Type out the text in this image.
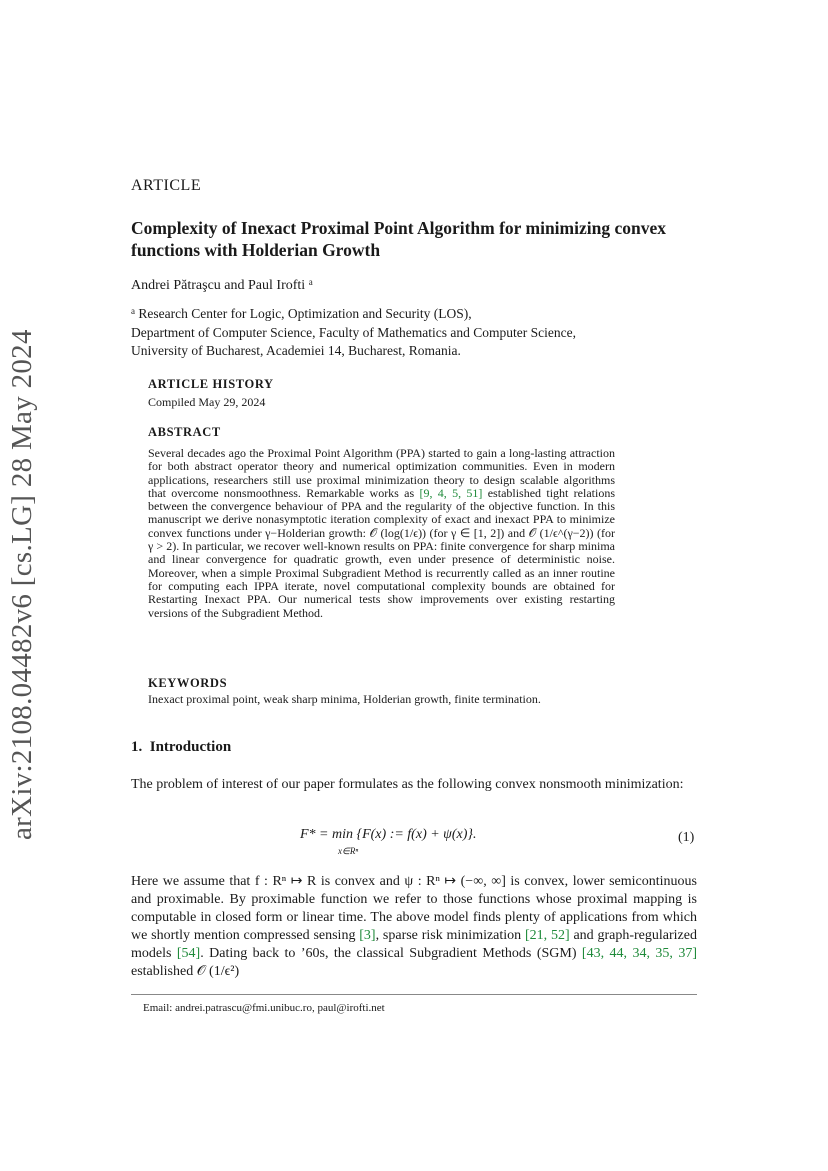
arXiv:2108.04482v6 [cs.LG] 28 May 2024
ARTICLE
Complexity of Inexact Proximal Point Algorithm for minimizing convex functions with Holderian Growth
Andrei Pătraşcu and Paul Irofti $^a$

$^a$ Research Center for Logic, Optimization and Security (LOS),

Department of Computer Science, Faculty of Mathematics and Computer Science,

University of Bucharest, Academiei 14, Bucharest, Romania.

ARTICLE HISTORY
Compiled May 29, 2024
ABSTRACT

Several decades ago the Proximal Point Algorithm (PPA) started to gain a long-lasting attraction for both abstract operator theory and numerical optimization communities. Even in modern applications, researchers still use proximal minimization theory to design scalable algorithms that overcome nonsmoothness. Remarkable works as [9, 4, 5, 51] established tight relations between the convergence behaviour of PPA and the regularity of the objective function. In this manuscript we derive nonasymptotic iteration complexity of exact and inexact PPA to minimize convex functions under γ−Holderian growth: 𝒪 (log(1/ϵ)) (for γ ∈ [1, 2]) and 𝒪 (1/ϵ^(γ−2)) (for γ > 2). In particular, we recover well-known results on PPA: finite convergence for sharp minima and linear convergence for quadratic growth, even under presence of deterministic noise. Moreover, when a simple Proximal Subgradient Method is recurrently called as an inner routine for computing each IPPA iterate, novel computational complexity bounds are obtained for Restarting Inexact PPA. Our numerical tests show improvements over existing restarting versions of the Subgradient Method.

KEYWORDS
Inexact proximal point, weak sharp minima, Holderian growth, finite termination.
1. Introduction

The problem of interest of our paper formulates as the following convex nonsmooth minimization:

F* = min {F(x) := f(x) + ψ(x)}.
x∈Rⁿ
(1)

Here we assume that f : Rⁿ ↦ R is convex and ψ : Rⁿ ↦ (−∞, ∞] is convex, lower semicontinuous and proximable. By proximable function we refer to those functions whose proximal mapping is computable in closed form or linear time. The above model finds plenty of applications from which we shortly mention compressed sensing [3], sparse risk minimization [21, 52] and graph-regularized models [54]. Dating back to ’60s, the classical Subgradient Methods (SGM) [43, 44, 34, 35, 37] established 𝒪 (1/ϵ²)

Email: andrei.patrascu@fmi.unibuc.ro, paul@irofti.net
